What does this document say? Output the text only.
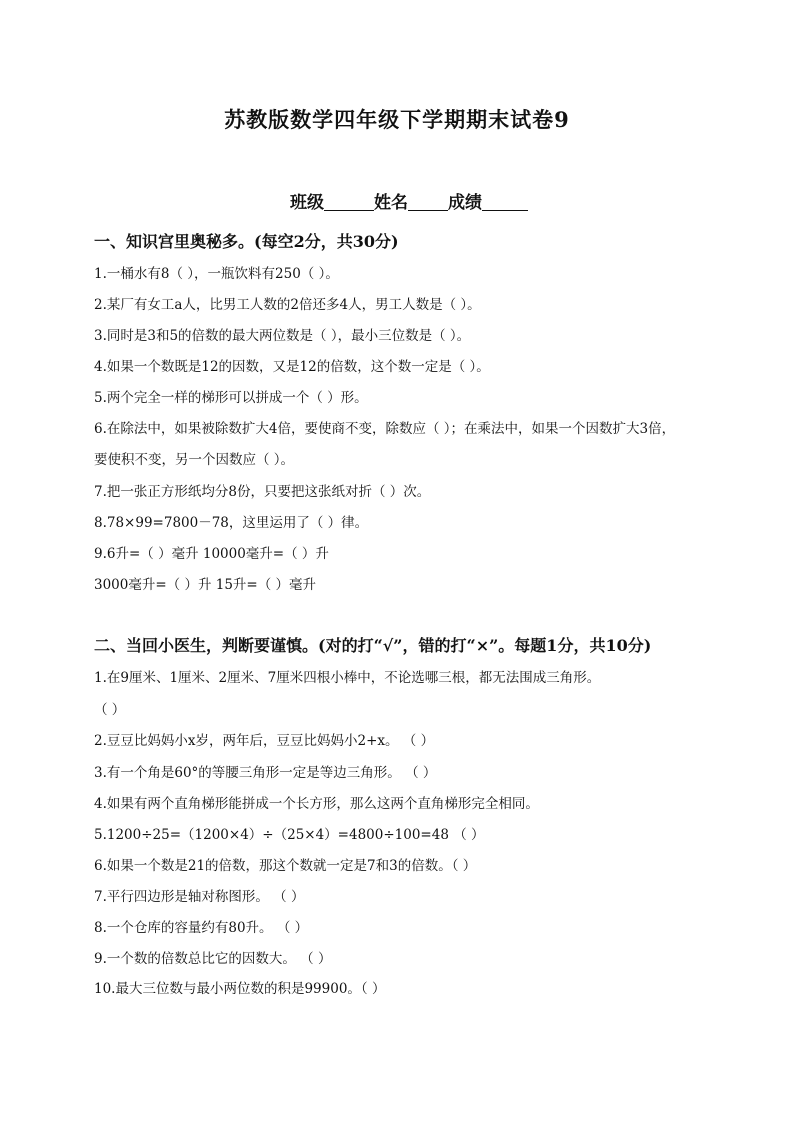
苏教版数学四年级下学期期末试卷9
班级	姓名 成绩
一、知识宫里奥秘多。(每空2分，共30分)
1.一桶水有8（ ），一瓶饮料有250（ ）。
2.某厂有女工a人，比男工人数的2倍还多4人，男工人数是（ ）。
3.同时是3和5的倍数的最大两位数是（ ），最小三位数是（ ）。
4.如果一个数既是12的因数，又是12的倍数，这个数一定是（ ）。
5.两个完全一样的梯形可以拼成一个（ ）形。
6.在除法中，如果被除数扩大4倍，要使商不变，除数应（ ）；在乘法中，如果一个因数扩大3倍，
要使积不变，另一个因数应（ ）。
7.把一张正方形纸均分8份，只要把这张纸对折（ ）次。
8.78×99=7800－78，这里运用了（ ）律。
9.6升=（ ）毫升 10000毫升=（ ）升
3000毫升=（ ）升 15升=（ ）毫升
二、当回小医生，判断要谨慎。(对的打“√”，错的打“×”。每题1分，共10分)
1.在9厘米、1厘米、2厘米、7厘米四根小棒中，不论选哪三根，都无法围成三角形。
（ ）
2.豆豆比妈妈小x岁，两年后，豆豆比妈妈小2+x。 （ ）
3.有一个角是60°的等腰三角形一定是等边三角形。 （ ）
4.如果有两个直角梯形能拼成一个长方形，那么这两个直角梯形完全相同。
5.1200÷25=（1200×4）÷（25×4）=4800÷100=48 （ ）
6.如果一个数是21的倍数，那这个数就一定是7和3的倍数。（ ）
7.平行四边形是轴对称图形。 （ ）
8.一个仓库的容量约有80升。 （ ）
9.一个数的倍数总比它的因数大。 （ ）
10.最大三位数与最小两位数的积是99900。（ ）
